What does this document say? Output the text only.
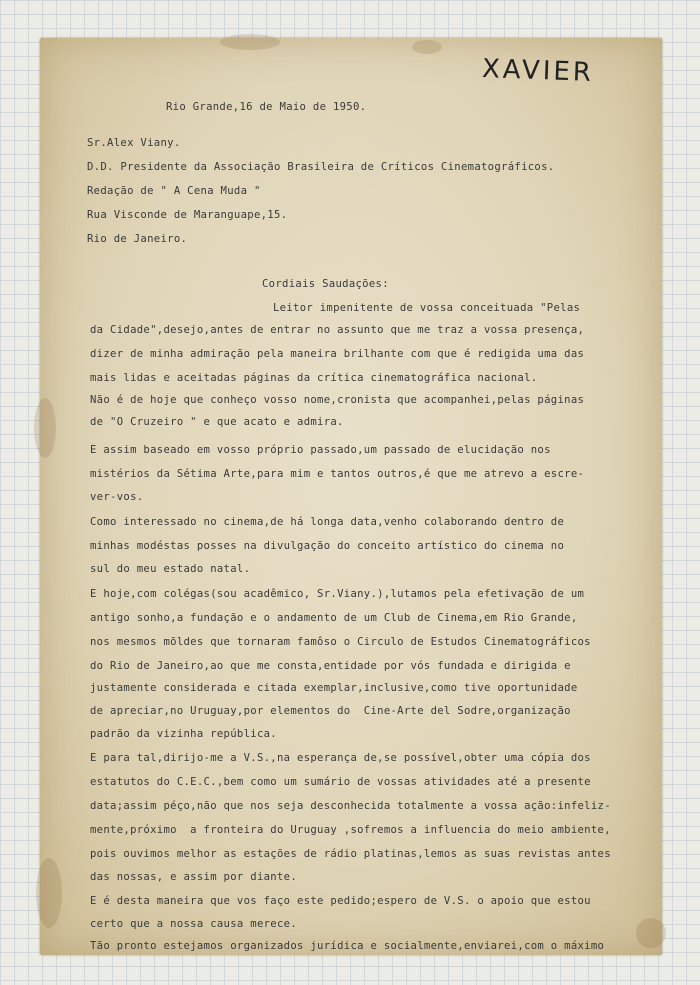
XAVIER
Rio Grande,16 de Maio de 1950.
Sr.Alex Viany.
D.D. Presidente da Associação Brasileira de Críticos Cinematográficos.
Redação de " A Cena Muda "
Rua Visconde de Maranguape,15.
Rio de Janeiro.
Cordiais Saudações:
Leitor impenitente de vossa conceituada "Pelas
da Cidade",desejo,antes de entrar no assunto que me traz a vossa presença,
dizer de minha admiração pela maneira brilhante com que é redigida uma das
mais lidas e aceitadas páginas da crítica cinematográfica nacional.
Não é de hoje que conheço vosso nome,cronista que acompanhei,pelas páginas
de "O Cruzeiro " e que acato e admira.
E assim baseado em vosso próprio passado,um passado de elucidação nos
mistérios da Sétima Arte,para mim e tantos outros,é que me atrevo a escre-
ver-vos.
Como interessado no cinema,de há longa data,venho colaborando dentro de
minhas modéstas posses na divulgação do conceito artístico do cinema no
sul do meu estado natal.
E hoje,com colégas(sou acadêmico, Sr.Viany.),lutamos pela efetivação de um
antigo sonho,a fundação e o andamento de um Club de Cinema,em Rio Grande,
nos mesmos mõldes que tornaram famôso o Circulo de Estudos Cinematográficos
do Rio de Janeiro,ao que me consta,entidade por vós fundada e dirigida e
justamente considerada e citada exemplar,inclusive,como tive oportunidade
de apreciar,no Uruguay,por elementos do  Cine-Arte del Sodre,organização
padrão da vizinha república.
E para tal,dirijo-me a V.S.,na esperança de,se possível,obter uma cópia dos
estatutos do C.E.C.,bem como um sumário de vossas atividades até a presente
data;assim péço,não que nos seja desconhecida totalmente a vossa ação:infeliz-
mente,próximo  a fronteira do Uruguay ,sofremos a influencia do meio ambiente,
pois ouvimos melhor as estações de rádio platinas,lemos as suas revistas antes
das nossas, e assim por diante.
E é desta maneira que vos faço este pedido;espero de V.S. o apoio que estou
certo que a nossa causa merece.
Tão pronto estejamos organizados jurídica e socialmente,enviarei,com o máximo
